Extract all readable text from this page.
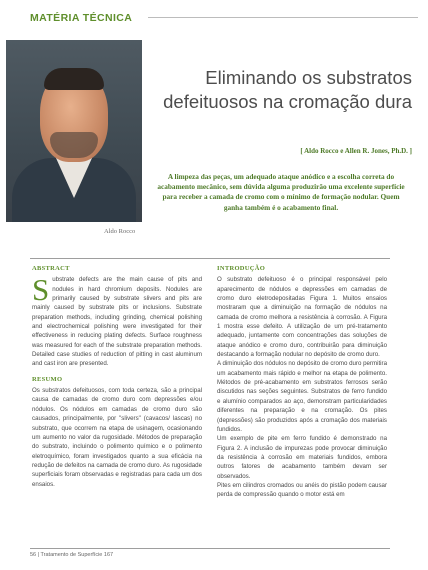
MATÉRIA TÉCNICA
Aldo Rocco
Eliminando os substratos
defeituosos na cromação dura
[ Aldo Rocco e Allen R. Jones, Ph.D. ]
A limpeza das peças, um adequado ataque anódico e a escolha correta do acabamento mecânico, sem dúvida alguma produzirão uma excelente superfície para receber a camada de cromo com o mínimo de formação nodular. Quem ganha também é o acabamento final.
ABSTRACT

Substrate defects are the main cause of pits and nodules in hard chromium deposits. Nodules are primarily caused by substrate slivers and pits are mainly caused by substrate pits or inclusions. Substrate preparation methods, including grinding, chemical polishing and electrochemical polishing were investigated for their effectiveness in reducing plating defects. Surface roughness was measured for each of the substrate preparation methods. Detailed case studies of reduction of pitting in cast aluminum and cast iron are presented.

RESUMO

Os substratos defeituosos, com toda certeza, são a principal causa de camadas de cromo duro com depressões e/ou nódulos. Os nódulos em camadas de cromo duro são causados, principalmente, por "slivers" (cavacos/ lascas) no substrato, que ocorrem na etapa de usinagem, ocasionando um aumento no valor da rugosidade. Métodos de preparação do substrato, incluindo o polimento químico e o polimento eletroquímico, foram investigados quanto a sua eficácia na redução de defeitos na camada de cromo duro. As rugosidade superficiais foram observadas e registradas para cada um dos ensaios.

INTRODUÇÃO

O substrato defeituoso é o principal responsável pelo aparecimento de nódulos e depressões em camadas de cromo duro eletrodepositadas Figura 1. Muitos ensaios mostraram que a diminuição na formação de nódulos na camada de cromo melhora a resistência à corrosão. A Figura 1 mostra esse defeito. A utilização de um pré-tratamento adequado, juntamente com concentrações das soluções de ataque anódico e cromo duro, contribuirão para diminuição destacando a formação nodular no depósito de cromo duro.

A diminuição dos nódulos no depósito de cromo duro permitira um acabamento mais rápido e melhor na etapa de polimento. Métodos de pré-acabamento em substratos ferrosos serão discutidos nas seções seguintes. Substratos de ferro fundido e alumínio comparados ao aço, demonstram particularidades diferentes na preparação e na cromação. Os pites (depressões) são produzidos após a cromação dos materiais fundidos.

Um exemplo de pite em ferro fundido é demonstrado na Figura 2. A inclusão de impurezas pode provocar diminuição da resistência à corrosão em materiais fundidos, embora outros fatores de acabamento também devam ser observados.

Pites em cilindros cromados ou anéis do pistão podem causar perda de compressão quando o motor está em

56 | Tratamento de Superfície 167
